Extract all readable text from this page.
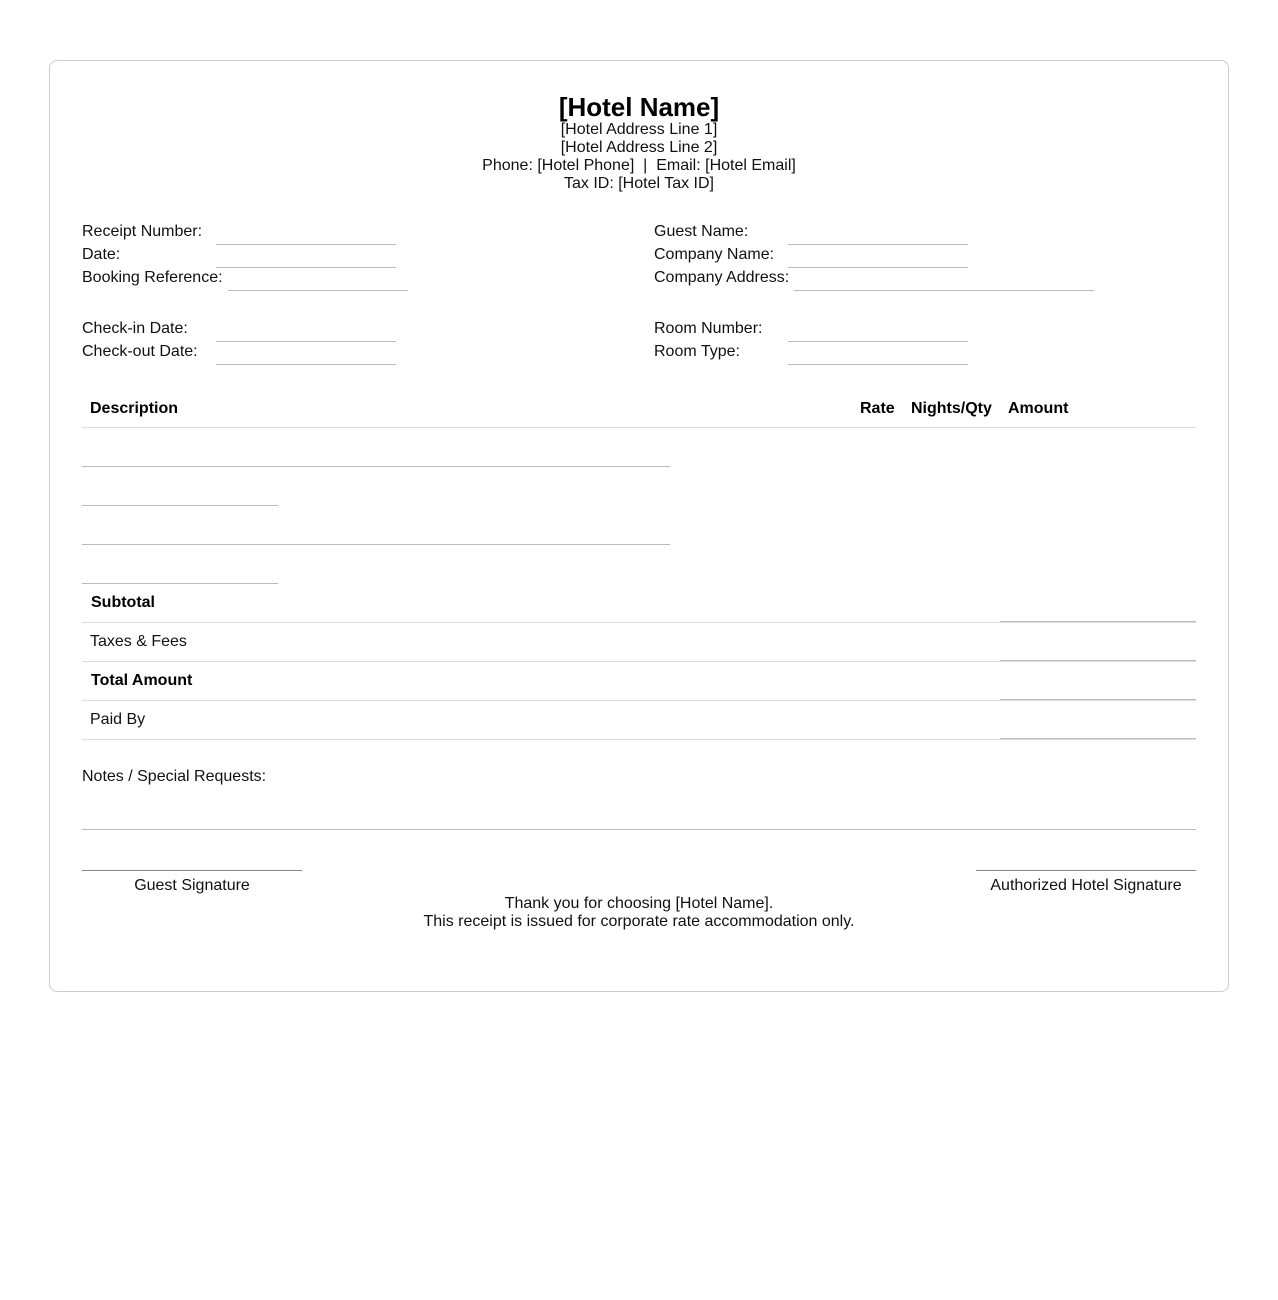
[Hotel Name]
[Hotel Address Line 1]
[Hotel Address Line 2]
Phone: [Hotel Phone]  |  Email: [Hotel Email]
Tax ID: [Hotel Tax ID]
Receipt Number:
Date:
Booking Reference:
Guest Name:
Company Name:
Company Address:
Check-in Date:
Check-out Date:
Room Number:
Room Type:
Description	Rate	Nights/Qty	Amount
Subtotal
Taxes & Fees
Total Amount
Paid By
Notes / Special Requests:
Guest Signature	Authorized Hotel Signature
Thank you for choosing [Hotel Name].
This receipt is issued for corporate rate accommodation only.
